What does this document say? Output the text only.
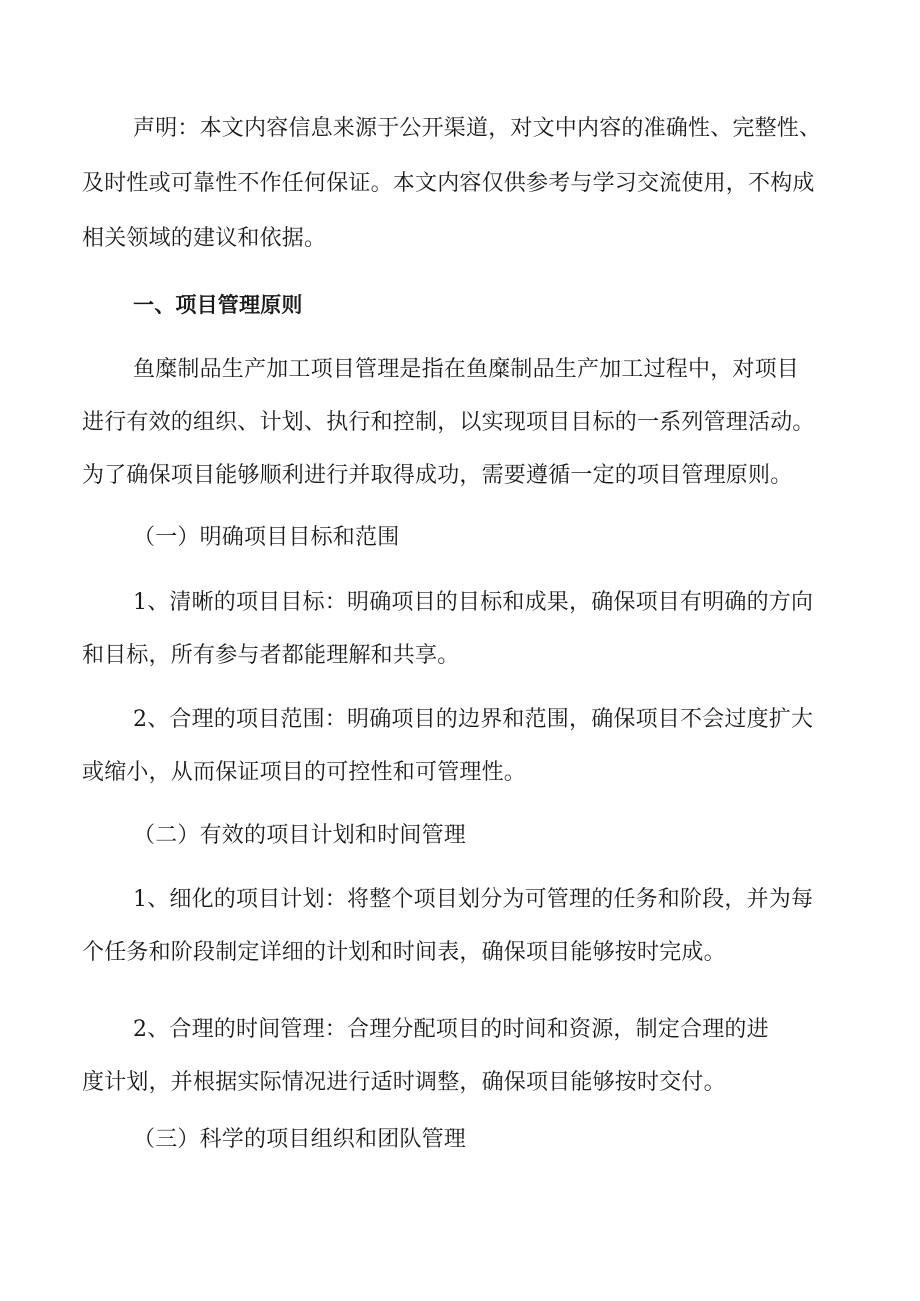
声明：本文内容信息来源于公开渠道，对文中内容的准确性、完整性、

及时性或可靠性不作任何保证。本文内容仅供参考与学习交流使用，不构成

相关领域的建议和依据。

一、项目管理原则

鱼糜制品生产加工项目管理是指在鱼糜制品生产加工过程中，对项目

进行有效的组织、计划、执行和控制，以实现项目目标的一系列管理活动。

为了确保项目能够顺利进行并取得成功，需要遵循一定的项目管理原则。

（一）明确项目目标和范围

1、清晰的项目目标：明确项目的目标和成果，确保项目有明确的方向

和目标，所有参与者都能理解和共享。

2、合理的项目范围：明确项目的边界和范围，确保项目不会过度扩大

或缩小，从而保证项目的可控性和可管理性。

（二）有效的项目计划和时间管理

1、细化的项目计划：将整个项目划分为可管理的任务和阶段，并为每

个任务和阶段制定详细的计划和时间表，确保项目能够按时完成。

2、合理的时间管理：合理分配项目的时间和资源，制定合理的进

度计划，并根据实际情况进行适时调整，确保项目能够按时交付。

（三）科学的项目组织和团队管理
